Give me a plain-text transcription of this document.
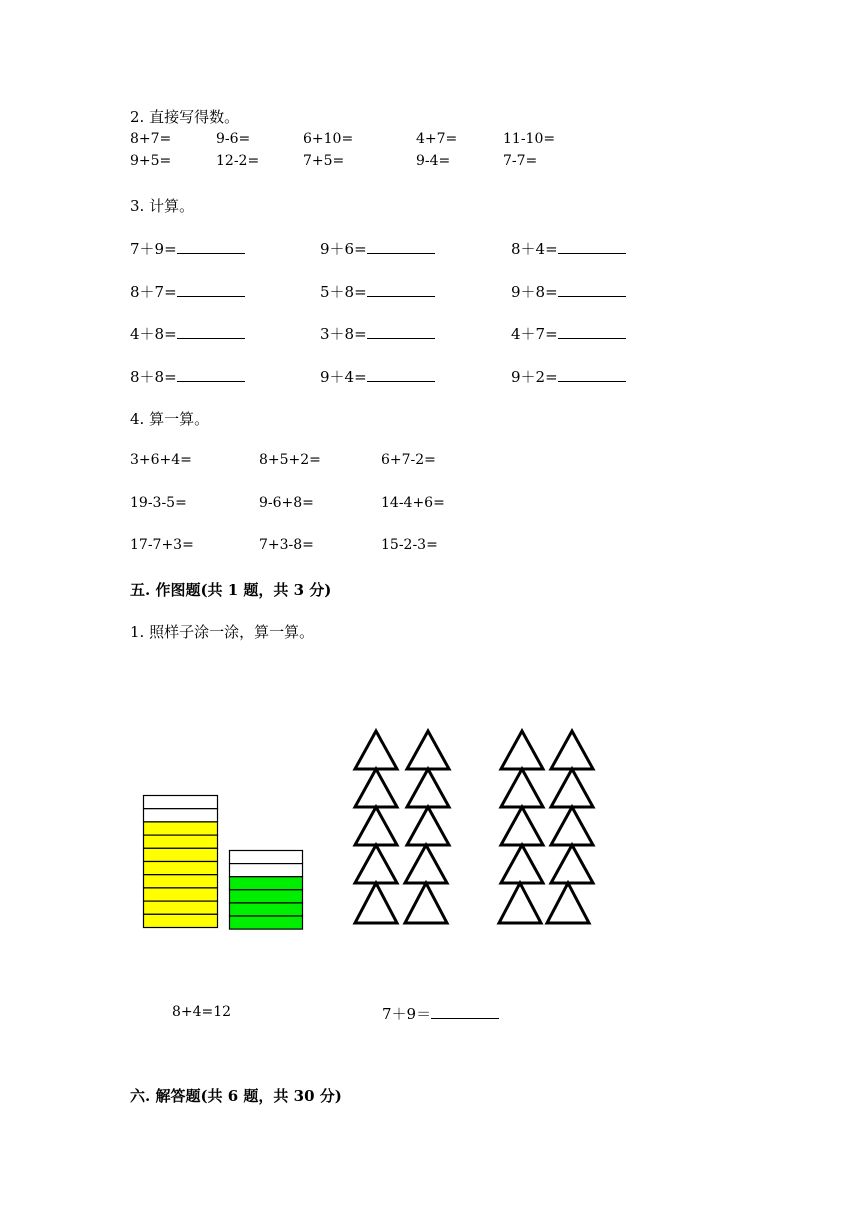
2. 直接写得数。
8+7=	9-6=	6+10=	4+7=	11-10=
9+5=	12-2=	7+5=	9-4=	7-7=
3. 计算。
7＋9=	9＋6=	8＋4=
8＋7=	5＋8=	9＋8=
4＋8=	3＋8=	4＋7=
8＋8=	9＋4=	9＋2=
4. 算一算。
3+6+4=	8+5+2=	6+7-2=
19-3-5=	9-6+8=	14-4+6=
17-7+3=	7+3-8=	15-2-3=
五. 作图题(共 1 题，共 3 分)
1. 照样子涂一涂，算一算。
8+4=12	7＋9＝
六. 解答题(共 6 题，共 30 分)
